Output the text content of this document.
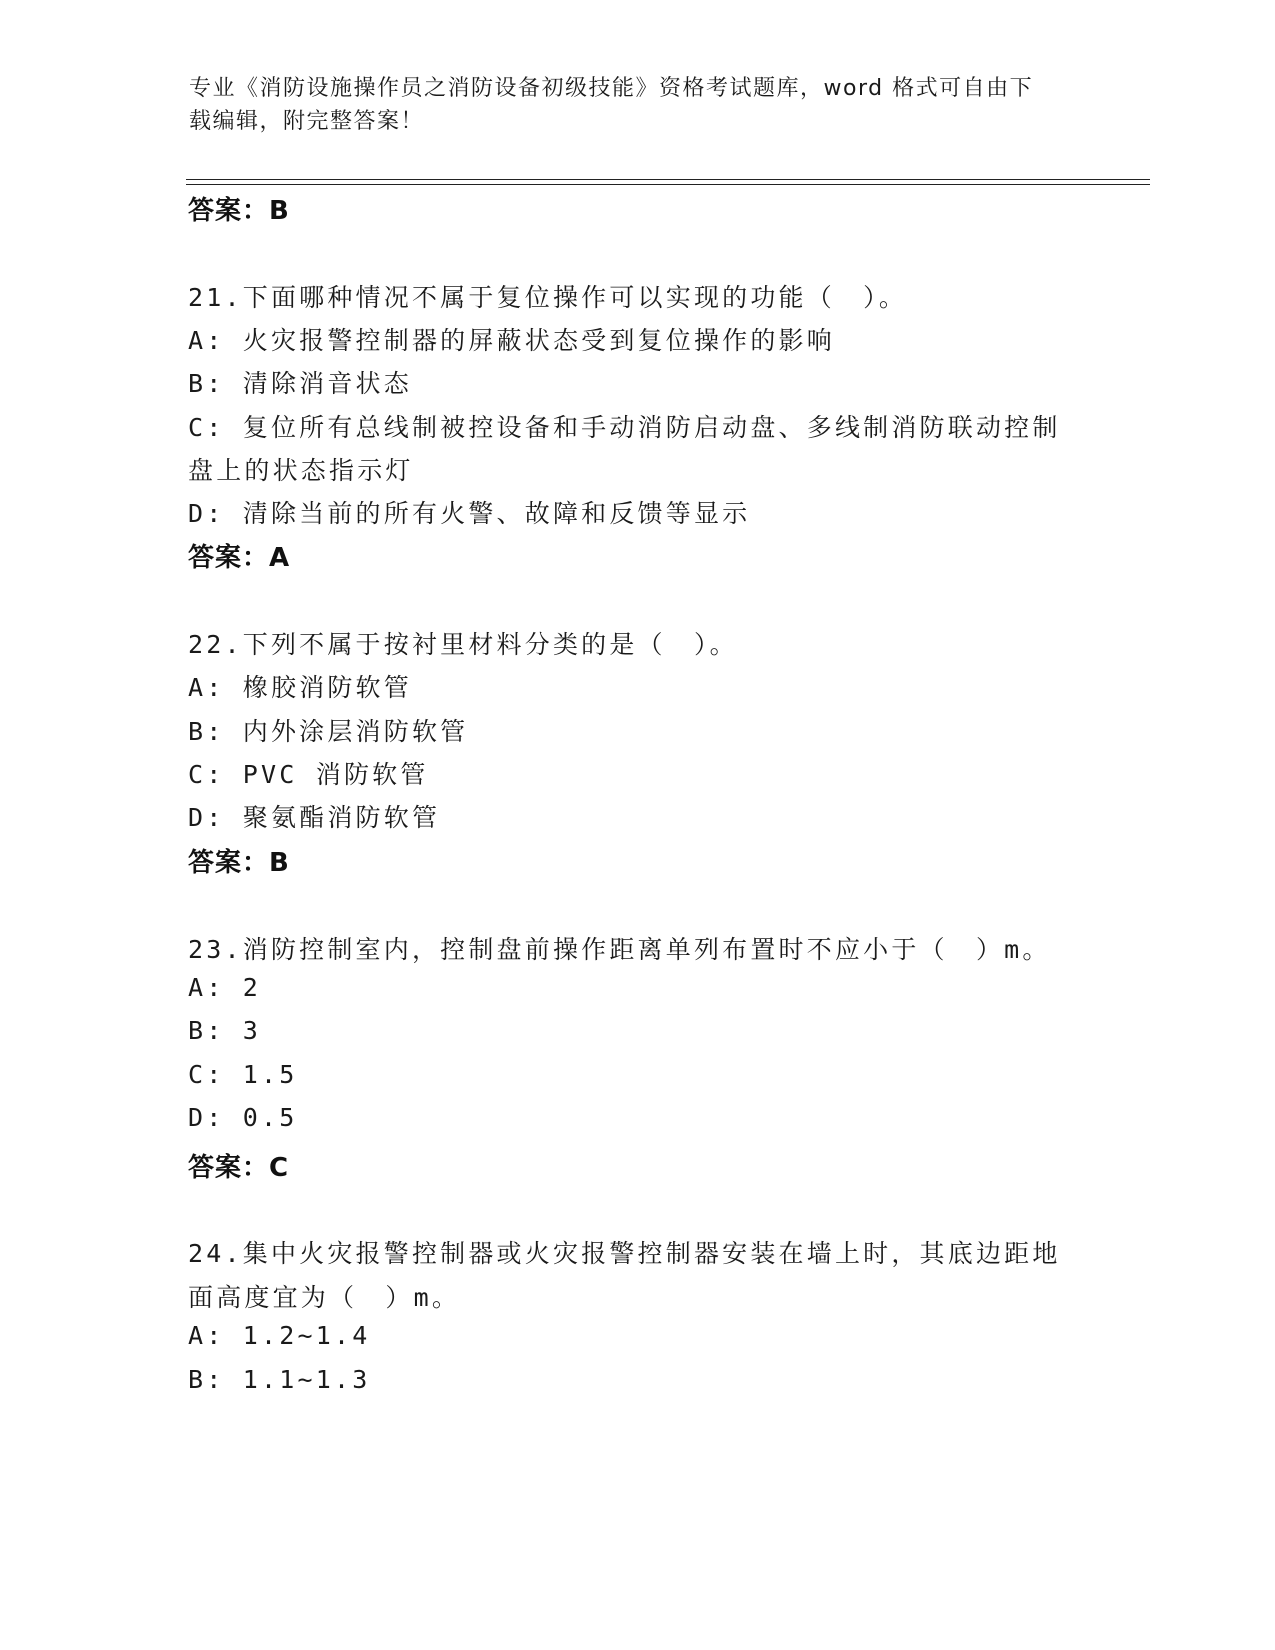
专业《消防设施操作员之消防设备初级技能》资格考试题库，word 格式可自由下
载编辑，附完整答案！
答案：B
21.下面哪种情况不属于复位操作可以实现的功能（　）。
A: 火灾报警控制器的屏蔽状态受到复位操作的影响
B: 清除消音状态
C: 复位所有总线制被控设备和手动消防启动盘、多线制消防联动控制
盘上的状态指示灯
D: 清除当前的所有火警、故障和反馈等显示
答案：A
22.下列不属于按衬里材料分类的是（　）。
A: 橡胶消防软管
B: 内外涂层消防软管
C: PVC 消防软管
D: 聚氨酯消防软管
答案：B
23.消防控制室内，控制盘前操作距离单列布置时不应小于（　）m。
A: 2
B: 3
C: 1.5
D: 0.5
答案：C
24.集中火灾报警控制器或火灾报警控制器安装在墙上时，其底边距地
面高度宜为（　）m。
A: 1.2~1.4
B: 1.1~1.3
